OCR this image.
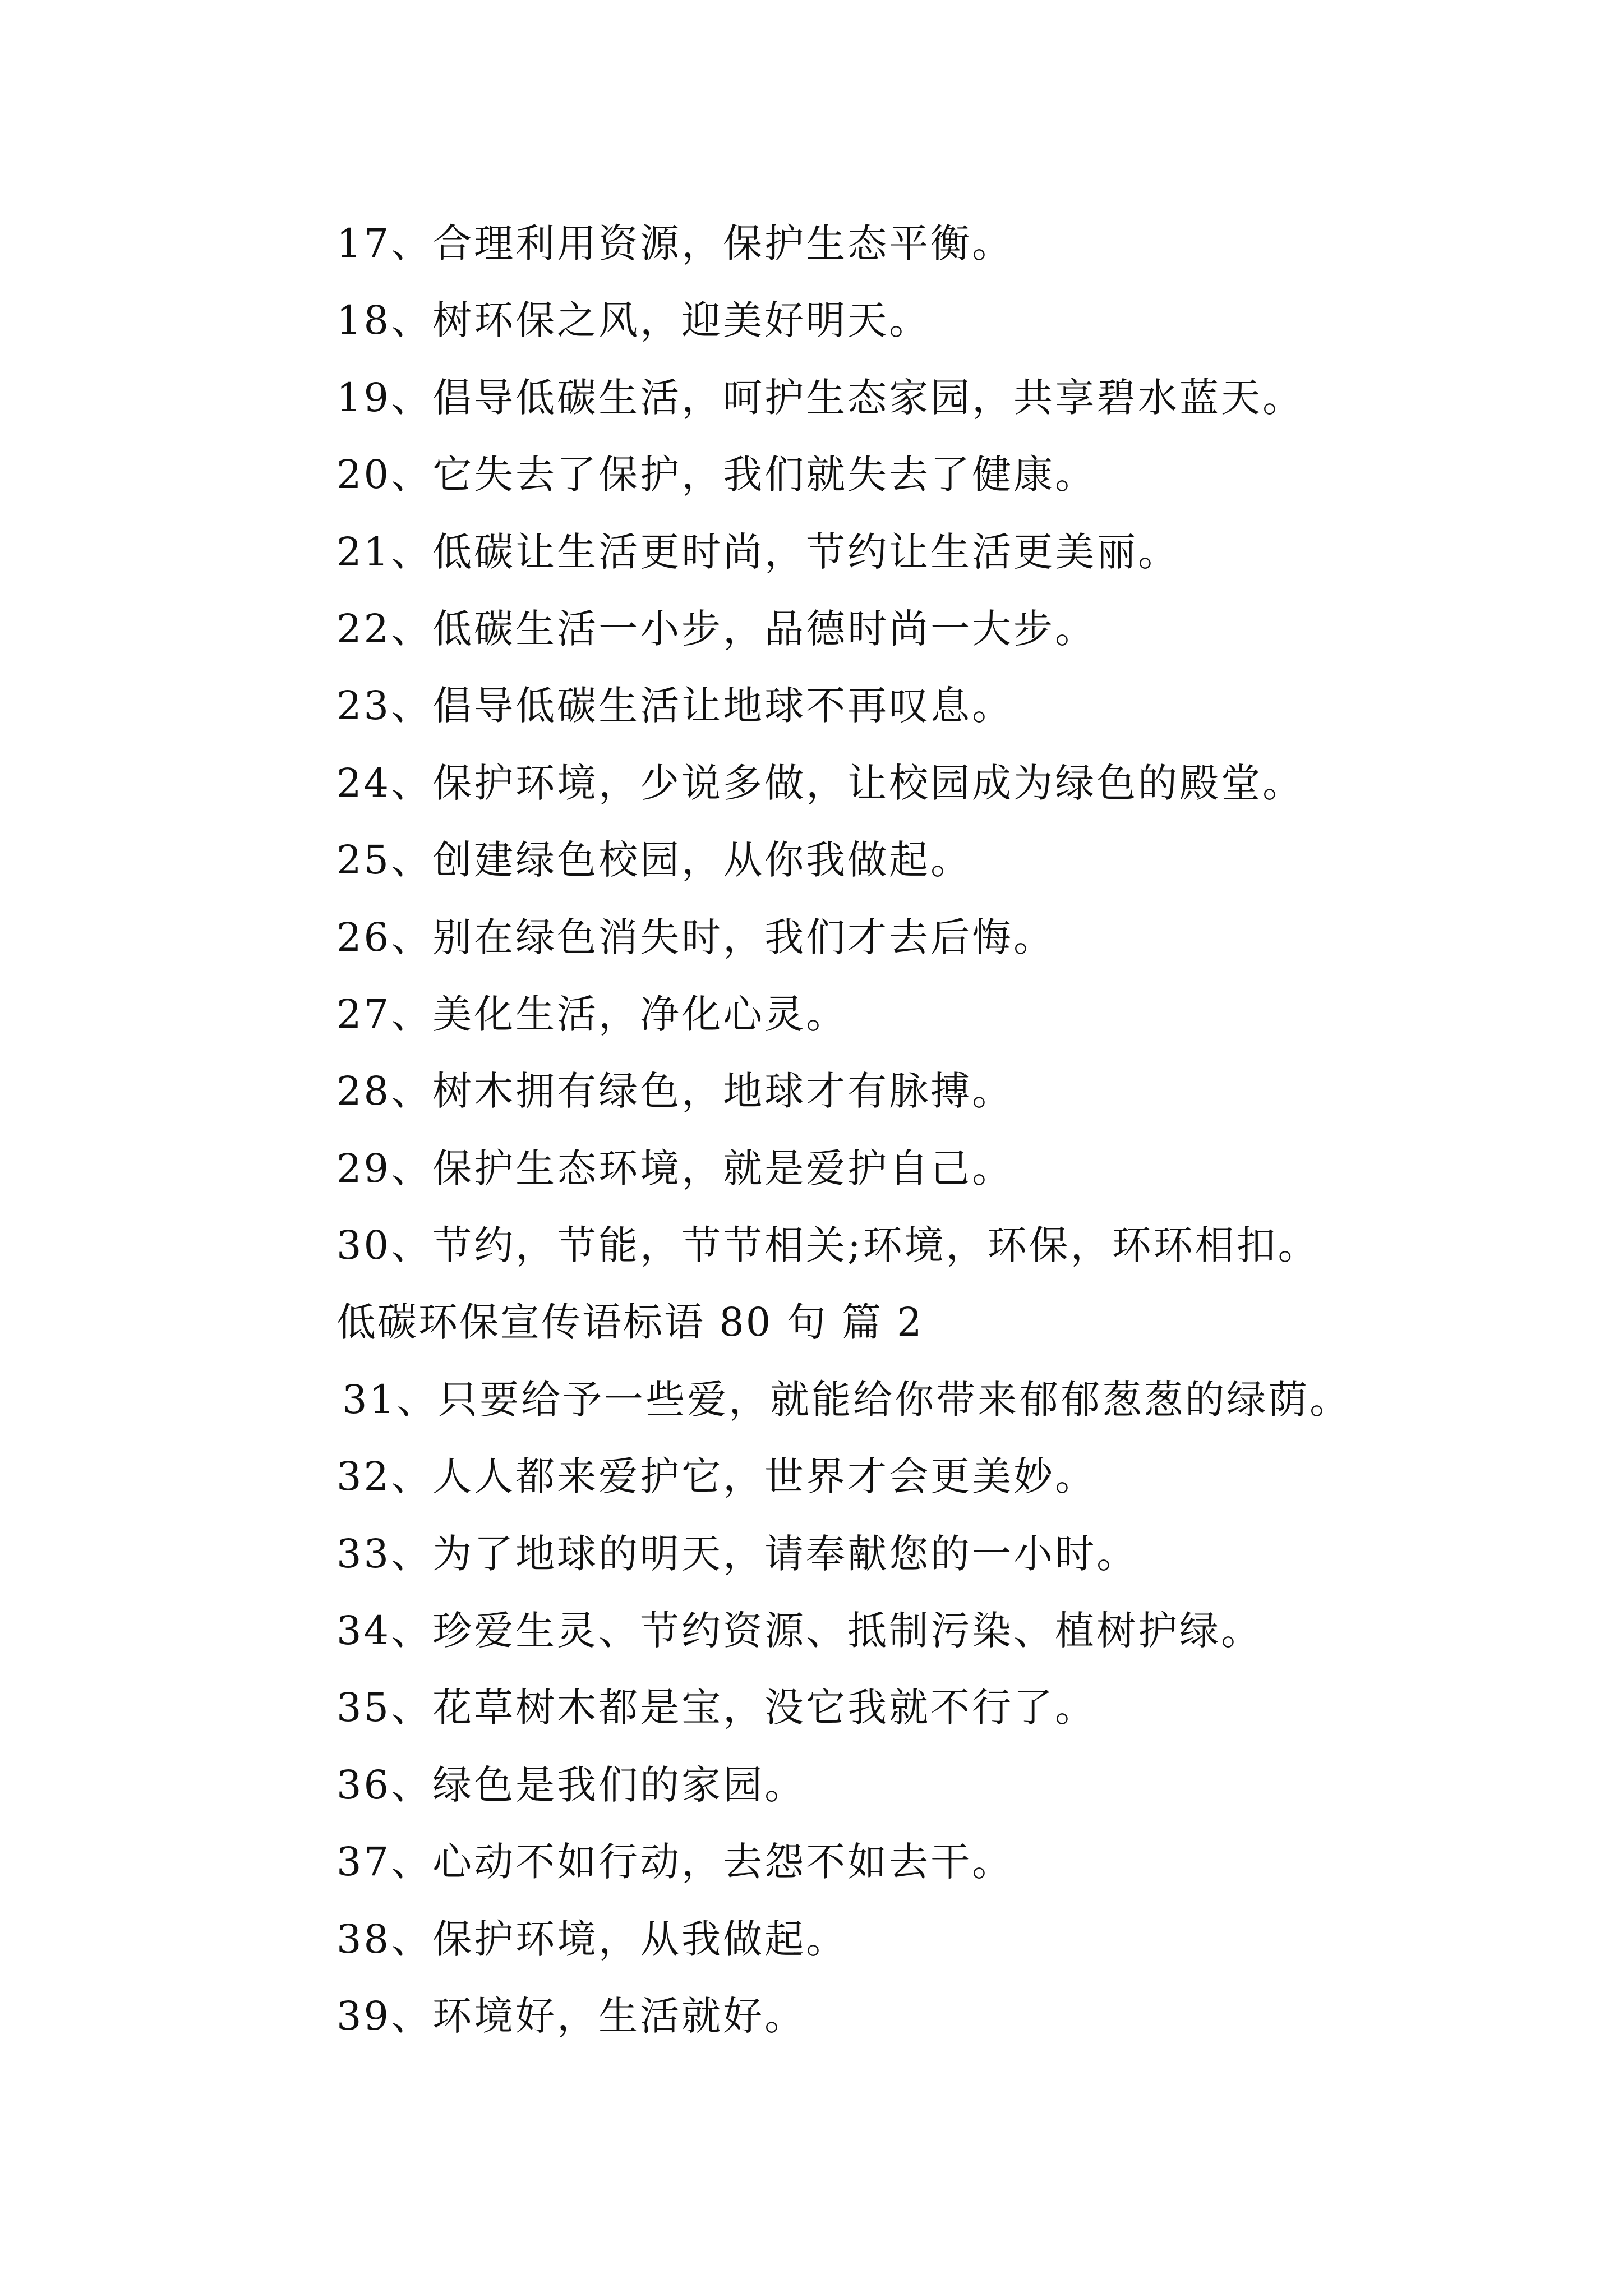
17、合理利用资源，保护生态平衡。
18、树环保之风，迎美好明天。
19、倡导低碳生活，呵护生态家园，共享碧水蓝天。
20、它失去了保护，我们就失去了健康。
21、低碳让生活更时尚，节约让生活更美丽。
22、低碳生活一小步，品德时尚一大步。
23、倡导低碳生活让地球不再叹息。
24、保护环境，少说多做，让校园成为绿色的殿堂。
25、创建绿色校园，从你我做起。
26、别在绿色消失时，我们才去后悔。
27、美化生活，净化心灵。
28、树木拥有绿色，地球才有脉搏。
29、保护生态环境，就是爱护自己。
30、节约，节能，节节相关;环境，环保，环环相扣。
低碳环保宣传语标语 80 句 篇 2
31、只要给予一些爱，就能给你带来郁郁葱葱的绿荫。
32、人人都来爱护它，世界才会更美妙。
33、为了地球的明天，请奉献您的一小时。
34、珍爱生灵、节约资源、抵制污染、植树护绿。
35、花草树木都是宝，没它我就不行了。
36、绿色是我们的家园。
37、心动不如行动，去怨不如去干。
38、保护环境，从我做起。
39、环境好，生活就好。
